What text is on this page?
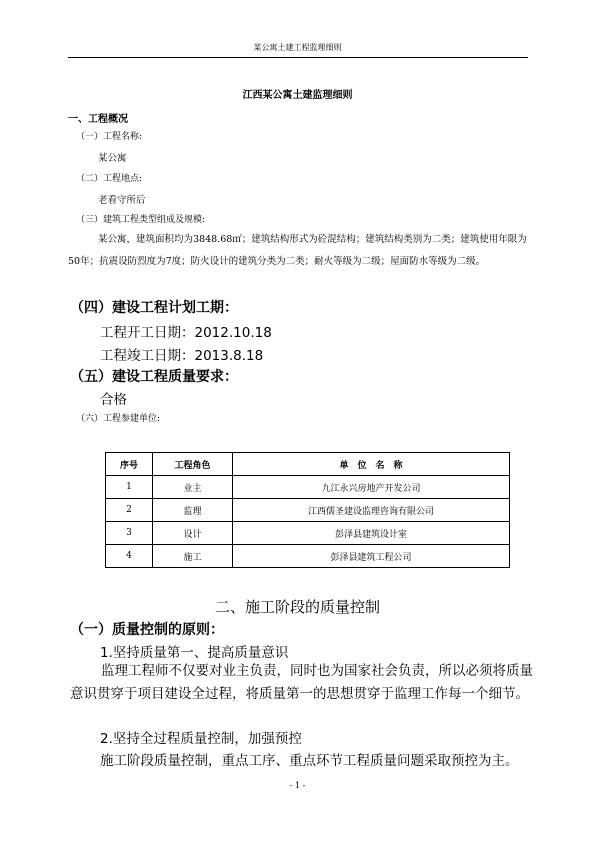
某公寓土建工程监理细则
江西某公寓土建监理细则
一、工程概况
（一）工程名称:
某公寓
（二）工程地点:
老看守所后
（三）建筑工程类型组成及规模:
某公寓，建筑面积均为3848.68㎡；建筑结构形式为砼混结构；建筑结构类别为二类；建筑使用年限为50年；抗震设防烈度为7度；防火设计的建筑分类为二类；耐火等级为二级；屋面防水等级为二级。
（四）建设工程计划工期：
工程开工日期：2012.10.18
工程竣工日期：2013.8.18
（五）建设工程质量要求：
合格
（六）工程参建单位:
序号	工程角色	单　位　名　称
1	业主	九江永兴房地产开发公司
2	监理	江西儒圣建设监理咨询有限公司
3	设计	彭泽县建筑设计室
4	施工	彭泽县建筑工程公司
二、施工阶段的质量控制
（一）质量控制的原则：
1.坚持质量第一、提高质量意识
监理工程师不仅要对业主负责，同时也为国家社会负责，所以必须将质量意识贯穿于项目建设全过程，将质量第一的思想贯穿于监理工作每一个细节。
2.坚持全过程质量控制，加强预控
施工阶段质量控制，重点工序、重点环节工程质量问题采取预控为主。
- 1 -
